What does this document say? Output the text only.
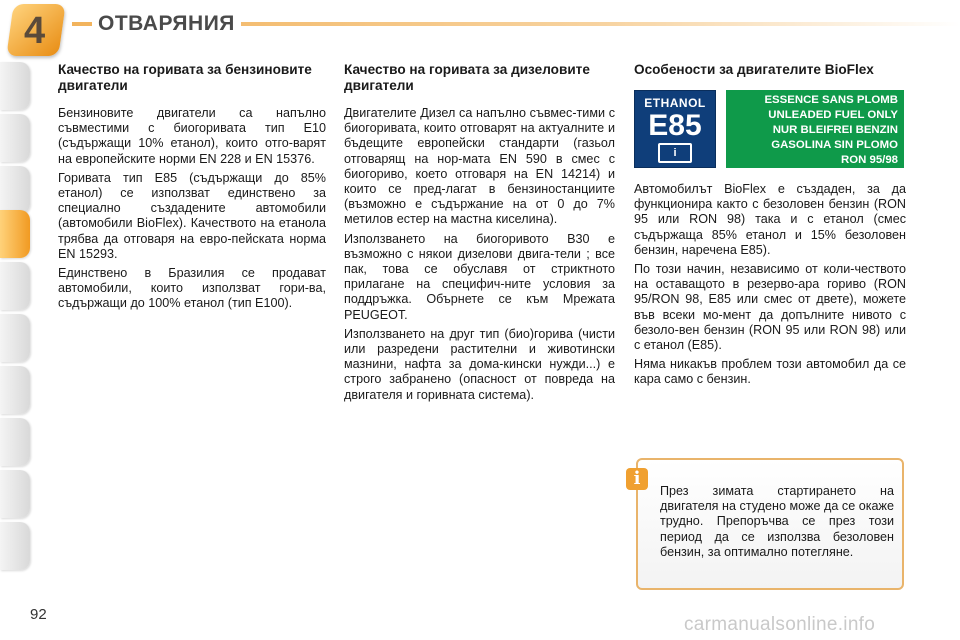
4	ОТВАРЯНИЯ
Качество на горивата за бензиновите двигатели

Бензиновите двигатели са напълно съвместими с биогоривата тип Е10 (съдържащи 10% етанол), които отго-варят на европейските норми EN 228 и EN 15376.

Горивата тип Е85 (съдържащи до 85% етанол) се използват единствено за специално създадените автомобили (автомобили BioFlex). Качеството на етанола трябва да отговаря на евро-пейската норма EN 15293.

Единствено в Бразилия се продават автомобили, които използват гори-ва, съдържащи до 100% етанол (тип Е100).

Качество на горивата за дизеловите двигатели

Двигателите Дизел са напълно съвмес-тими с биогоривата, които отговарят на актуалните и бъдещите европейски стандарти (газьол отговарящ на нор-мата EN 590 в смес с биогориво, което отговаря на EN 14214) и които се пред-лагат в бензиностанциите (възможно е съдържание на от 0 до 7% метилов естер на мастна киселина).

Използването на биогоривото В30 е възможно с някои дизелови двига-тели ; все пак, това се обуславя от стриктното прилагане на специфич-ните условия за поддръжка. Обърнете се към Мрежата PEUGEOT.

Използването на друг тип (био)горива (чисти или разредени растителни и животински мазнини, нафта за дома-кински нужди...) е строго забранено (опасност от повреда на двигателя и горивната система).

Особености за двигателите BioFlex
ETHANOL
E85
i
ESSENCE SANS PLOMB
UNLEADED FUEL ONLY
NUR BLEIFREI BENZIN
GASOLINA SIN PLOMO
RON 95/98

Автомобилът BioFlex е създаден, за да функционира както с безоловен бензин (RON 95 или RON 98) така и с етанол (смес съдържаща 85% етанол и 15% безоловен бензин, наречена Е85).

По този начин, независимо от коли-чеството на оставащото в резерво-ара гориво (RON 95/RON 98, Е85 или смес от двете), можете във всеки мо-мент да допълните нивото с безоло-вен бензин (RON 95 или RON 98) или с етанол (Е85).

Няма никакъв проблем този автомобил да се кара само с бензин.

i
През зимата стартирането на двигателя на студено може да се окаже трудно. Препоръчва се през този период да се използва безоловен бензин, за оптимално потегляне.
92	carmanualsonline.info
